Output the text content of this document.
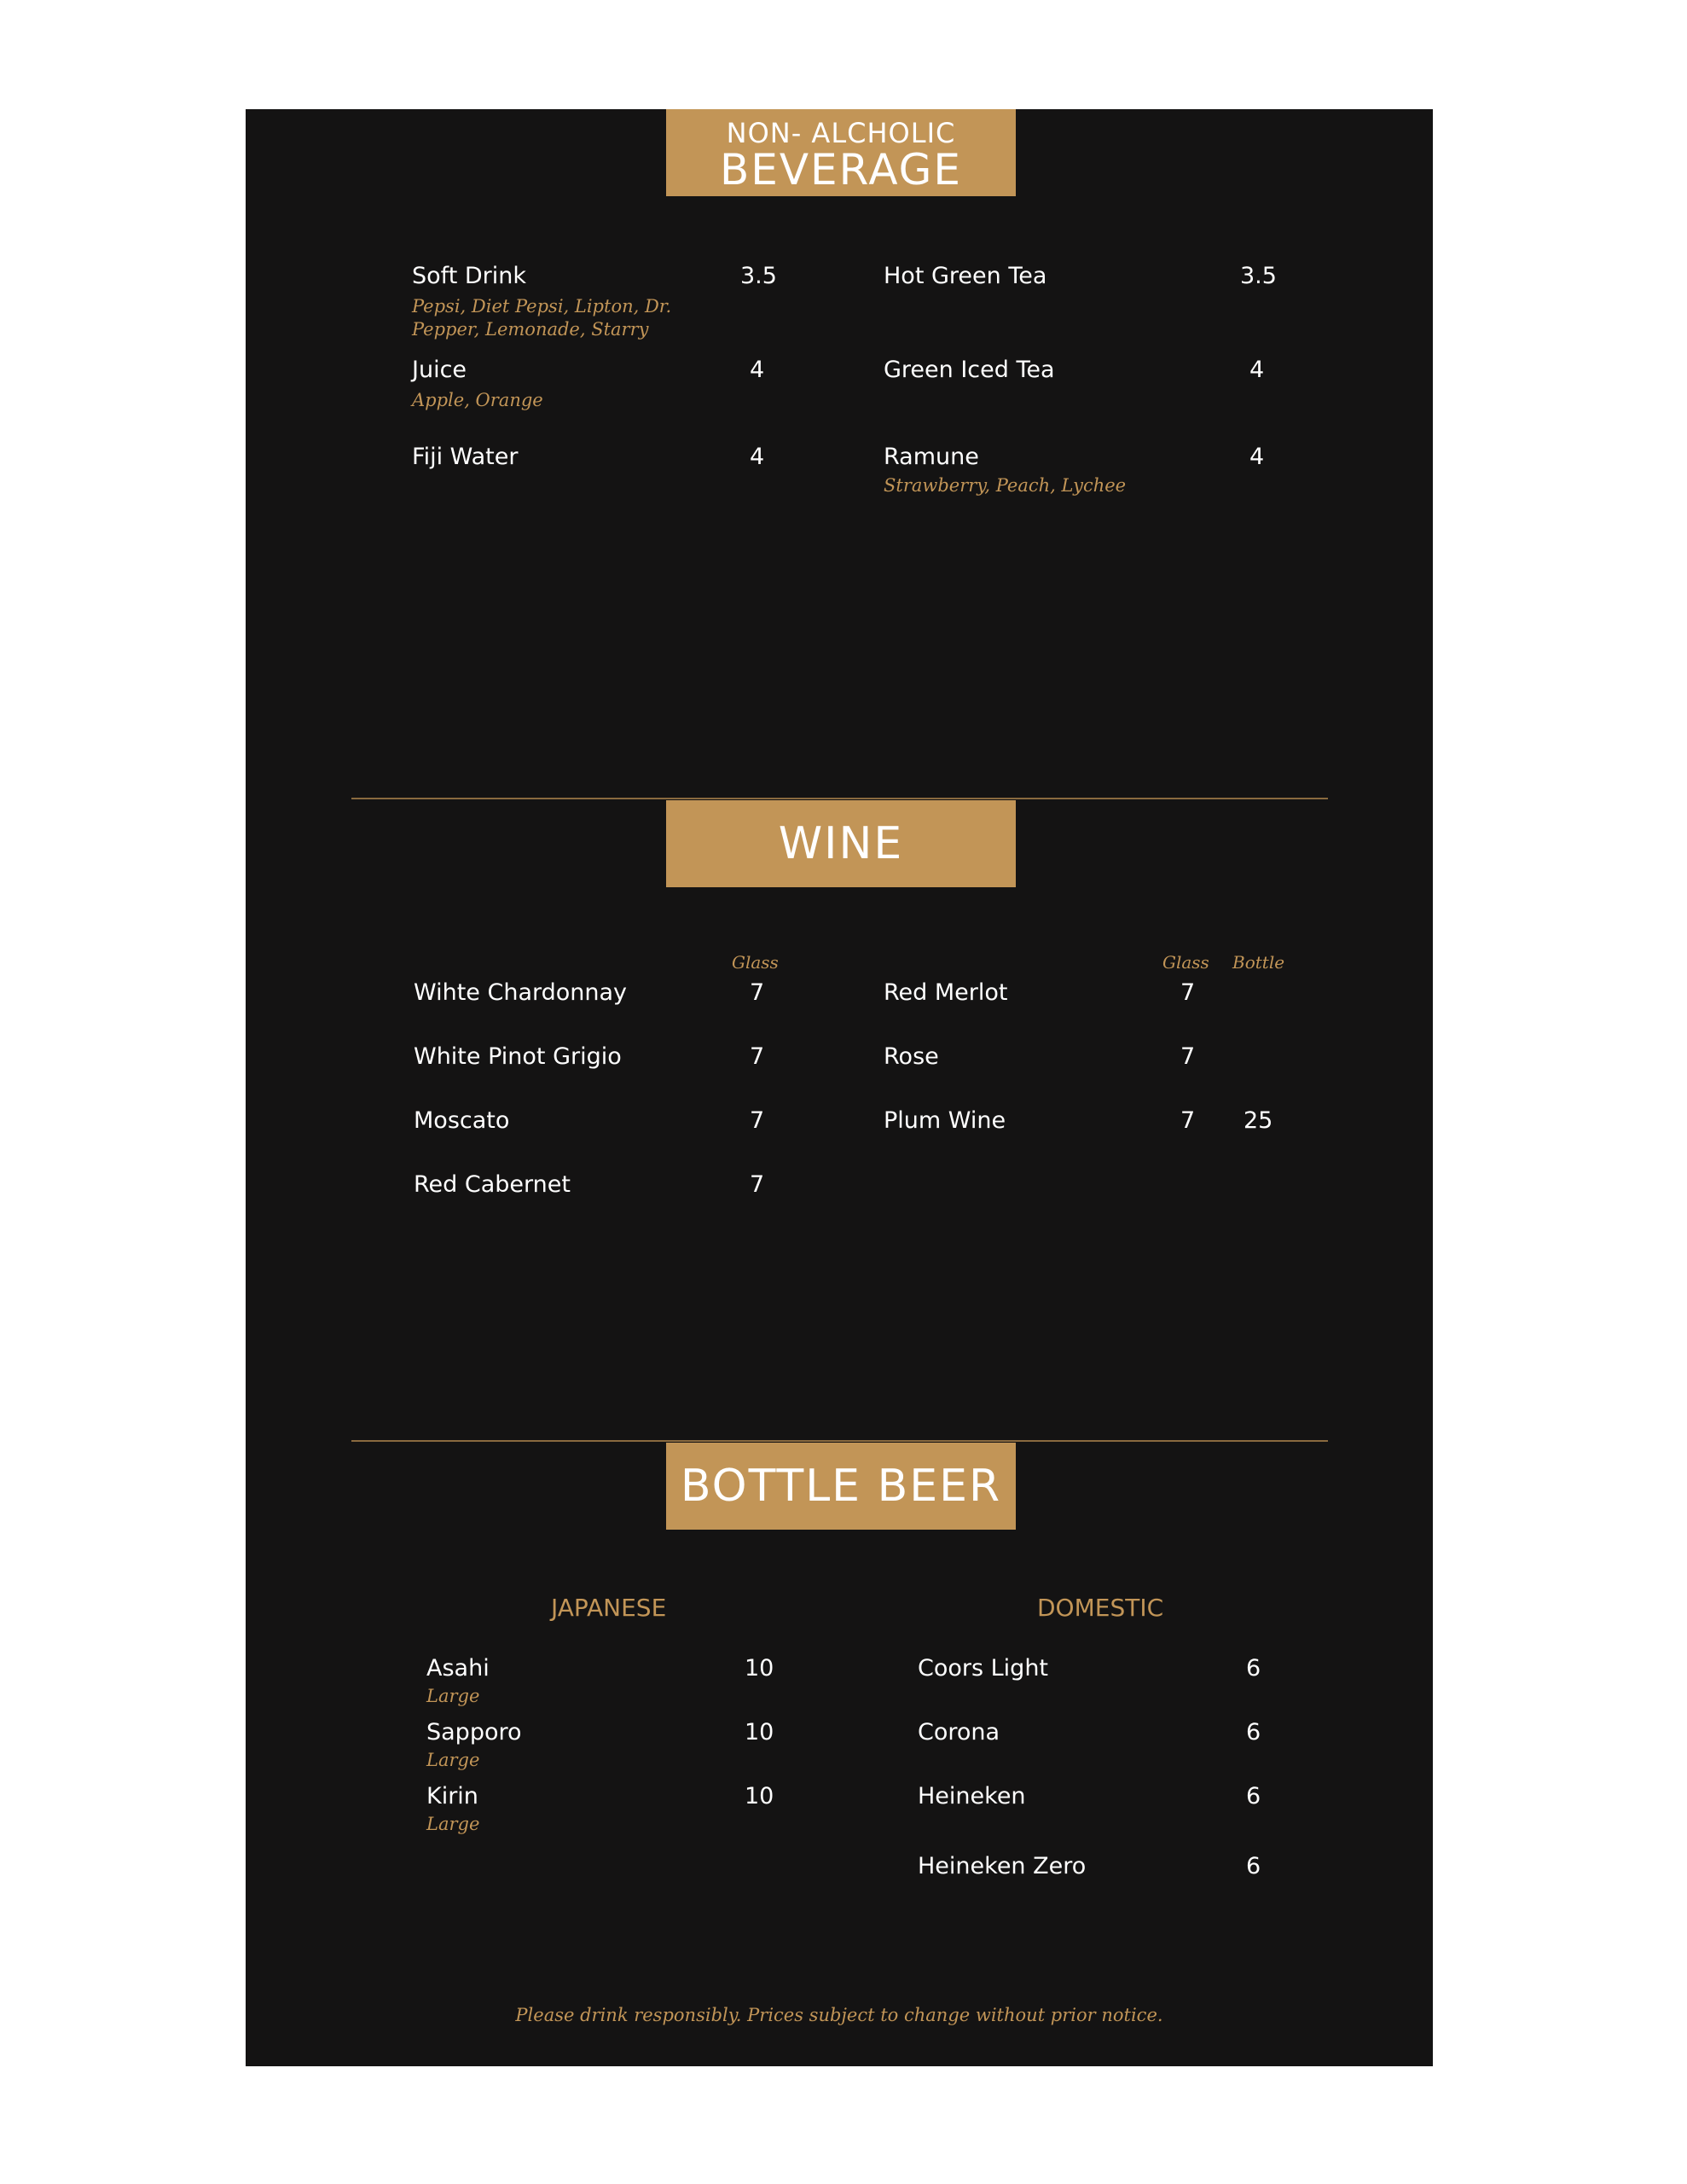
NON- ALCHOLIC
BEVERAGE
Soft Drink	3.5
Pepsi, Diet Pepsi, Lipton, Dr. Pepper, Lemonade, Starry
Juice	4
Apple, Orange
Fiji Water	4
Hot Green Tea	3.5
Green Iced Tea	4
Ramune	4
Strawberry, Peach, Lychee
WINE
Glass	Glass Bottle
Wihte Chardonnay	7
White Pinot Grigio	7
Moscato	7
Red Cabernet	7
Red Merlot	7
Rose	7
Plum Wine	7 25
BOTTLE BEER
JAPANESE	DOMESTIC
Asahi	10
Large
Sapporo	10
Large
Kirin	10
Large
Coors Light	6
Corona	6
Heineken	6
Heineken Zero	6
Please drink responsibly. Prices subject to change without prior notice.
